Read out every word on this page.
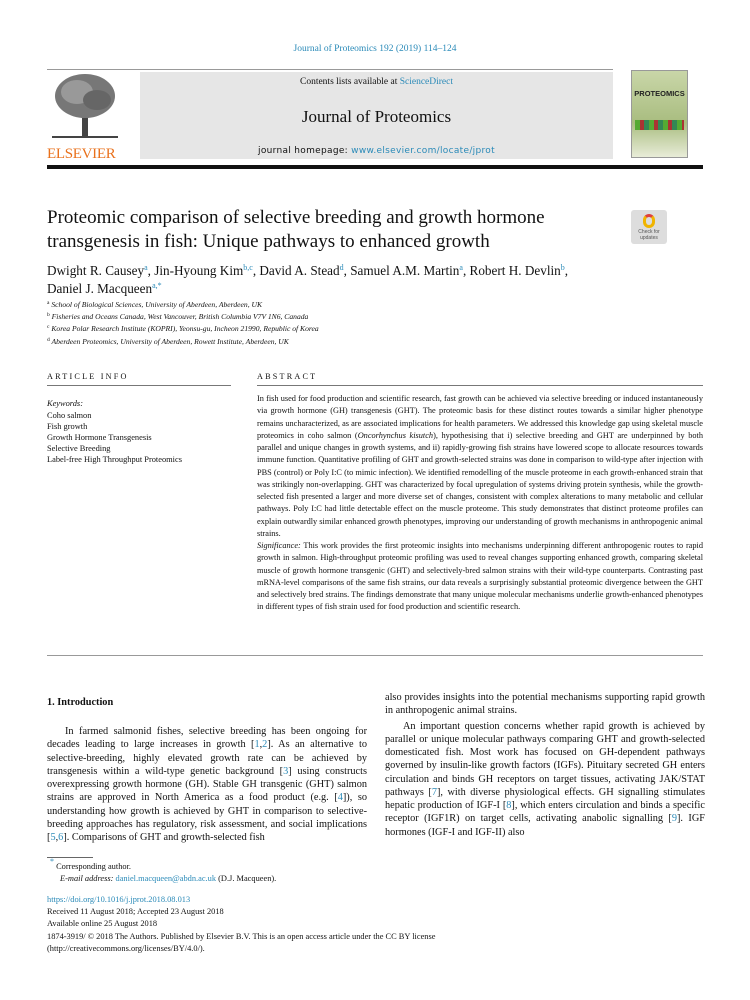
Journal of Proteomics 192 (2019) 114–124
ELSEVIER
Contents lists available at ScienceDirect
Journal of Proteomics
journal homepage: www.elsevier.com/locate/jprot
PROTEOMICS
Proteomic comparison of selective breeding and growth hormone transgenesis in fish: Unique pathways to enhanced growth	Check for updates
Dwight R. Causey$^a$, Jin-Hyoung Kim$^{b,c}$, David A. Stead$^d$, Samuel A.M. Martin$^a$, Robert H. Devlin$^b$,
Daniel J. Macqueen$^{a,*}$
$^a$ School of Biological Sciences, University of Aberdeen, Aberdeen, UK
$^b$ Fisheries and Oceans Canada, West Vancouver, British Columbia V7V 1N6, Canada
$^c$ Korea Polar Research Institute (KOPRI), Yeonsu-gu, Incheon 21990, Republic of Korea
$^d$ Aberdeen Proteomics, University of Aberdeen, Rowett Institute, Aberdeen, UK
ARTICLE INFO
Keywords:
Coho salmon
Fish growth
Growth Hormone Transgenesis
Selective Breeding
Label-free High Throughput Proteomics
ABSTRACT

In fish used for food production and scientific research, fast growth can be achieved via selective breeding or induced instantaneously via growth hormone (GH) transgenesis (GHT). The proteomic basis for these distinct routes towards a similar higher phenotype remains uncharacterized, as are associated implications for health parameters. We addressed this knowledge gap using skeletal muscle proteomics in coho salmon (Oncorhynchus kisutch), hypothesising that i) selective breeding and GHT are underpinned by both parallel and unique changes in growth systems, and ii) rapidly-growing fish strains have lowered scope to allocate resources towards immune function. Quantitative profiling of GHT and growth-selected strains was done in comparison to wild-type after injection with PBS (control) or Poly I:C (to mimic infection). We identified remodelling of the muscle proteome in each growth-enhanced strain that was strikingly non-overlapping. GHT was characterized by focal upregulation of systems driving protein synthesis, while the growth-selected fish presented a larger and more diverse set of changes, consistent with complex alterations to many metabolic and cellular pathways. Poly I:C had little detectable effect on the muscle proteome. This study demonstrates that distinct proteome profiles can explain outwardly similar enhanced growth phenotypes, improving our understanding of growth mechanisms in anthropogenic animal strains.

Significance: This work provides the first proteomic insights into mechanisms underpinning different anthropogenic routes to rapid growth in salmon. High-throughput proteomic profiling was used to reveal changes supporting enhanced growth, comparing skeletal muscle of growth hormone transgenic (GHT) and selectively-bred salmon strains with their wild-type counterparts. Contrasting past mRNA-level comparisons of the same fish strains, our data reveals a surprisingly substantial proteomic divergence between the GHT and selectively bred strains. The findings demonstrate that many unique molecular mechanisms underlie growth-enhanced phenotypes in different types of fish strain used for food production and scientific research.

1. Introduction

In farmed salmonid fishes, selective breeding has been ongoing for decades leading to large increases in growth [1,2]. As an alternative to selective-breeding, highly elevated growth rate can be achieved by transgenesis within a wild-type genetic background [3] using constructs overexpressing growth hormone (GH). Stable GH transgenic (GHT) salmon strains are approved in North America as a food product (e.g. [4]), so understanding how growth is achieved by GHT in comparison to selective-breeding approaches has regulatory, risk assessment, and social implications [5,6]. Comparisons of GHT and growth-selected fish

also provides insights into the potential mechanisms supporting rapid growth in anthropogenic animal strains.

An important question concerns whether rapid growth is achieved by parallel or unique molecular pathways comparing GHT and growth-selected domesticated fish. Most work has focused on GH-dependent pathways governed by insulin-like growth factors (IGFs). Pituitary secreted GH enters circulation and binds GH receptors on target tissues, activating JAK/STAT pathways [7], with diverse physiological effects. GH signalling stimulates hepatic production of IGF-I [8], which enters circulation and binds a specific receptor (IGF1R) on target cells, activating anabolic signalling [9]. IGF hormones (IGF-I and IGF-II) also

* Corresponding author.
E-mail address: daniel.macqueen@abdn.ac.uk (D.J. Macqueen).
https://doi.org/10.1016/j.jprot.2018.08.013
Received 11 August 2018; Accepted 23 August 2018
Available online 25 August 2018
1874-3919/ © 2018 The Authors. Published by Elsevier B.V. This is an open access article under the CC BY license
(http://creativecommons.org/licenses/BY/4.0/).
